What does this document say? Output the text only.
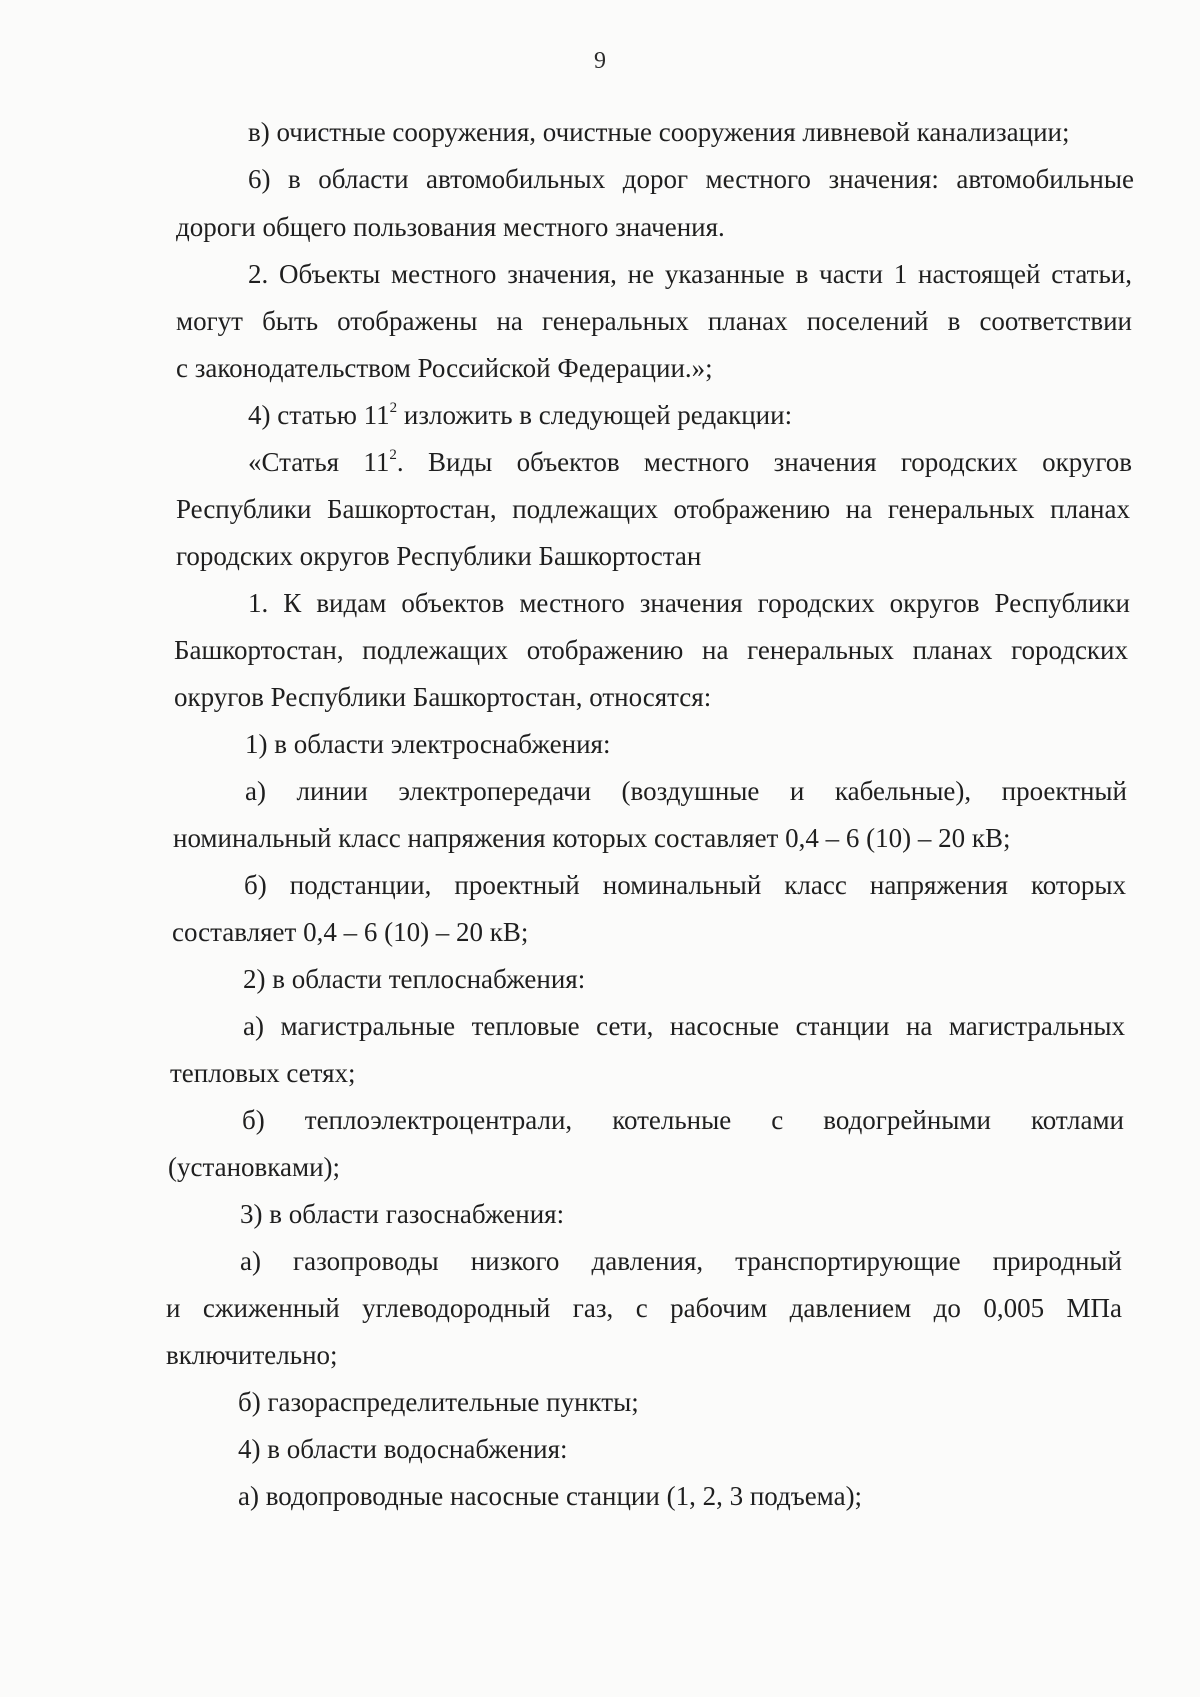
9
в) очистные сооружения, очистные сооружения ливневой канализации;
6) в области автомобильных дорог местного значения: автомобильные
дороги общего пользования местного значения.
2. Объекты местного значения, не указанные в части 1 настоящей статьи,
могут быть отображены на генеральных планах поселений в соответствии
с законодательством Российской Федерации.»;
4) статью $11^2$ изложить в следующей редакции:
«Статья $11^2$. Виды объектов местного значения городских округов
Республики Башкортостан, подлежащих отображению на генеральных планах
городских округов Республики Башкортостан
1. К видам объектов местного значения городских округов Республики
Башкортостан, подлежащих отображению на генеральных планах городских
округов Республики Башкортостан, относятся:
1) в области электроснабжения:
а) линии электропередачи (воздушные и кабельные), проектный
номинальный класс напряжения которых составляет 0,4 – 6 (10) – 20 кВ;
б) подстанции, проектный номинальный класс напряжения которых
составляет 0,4 – 6 (10) – 20 кВ;
2) в области теплоснабжения:
а) магистральные тепловые сети, насосные станции на магистральных
тепловых сетях;
б) теплоэлектроцентрали, котельные с водогрейными котлами
(установками);
3) в области газоснабжения:
а) газопроводы низкого давления, транспортирующие природный
и сжиженный углеводородный газ, с рабочим давлением до 0,005 МПа
включительно;
б) газораспределительные пункты;
4) в области водоснабжения:
а) водопроводные насосные станции (1, 2, 3 подъема);
